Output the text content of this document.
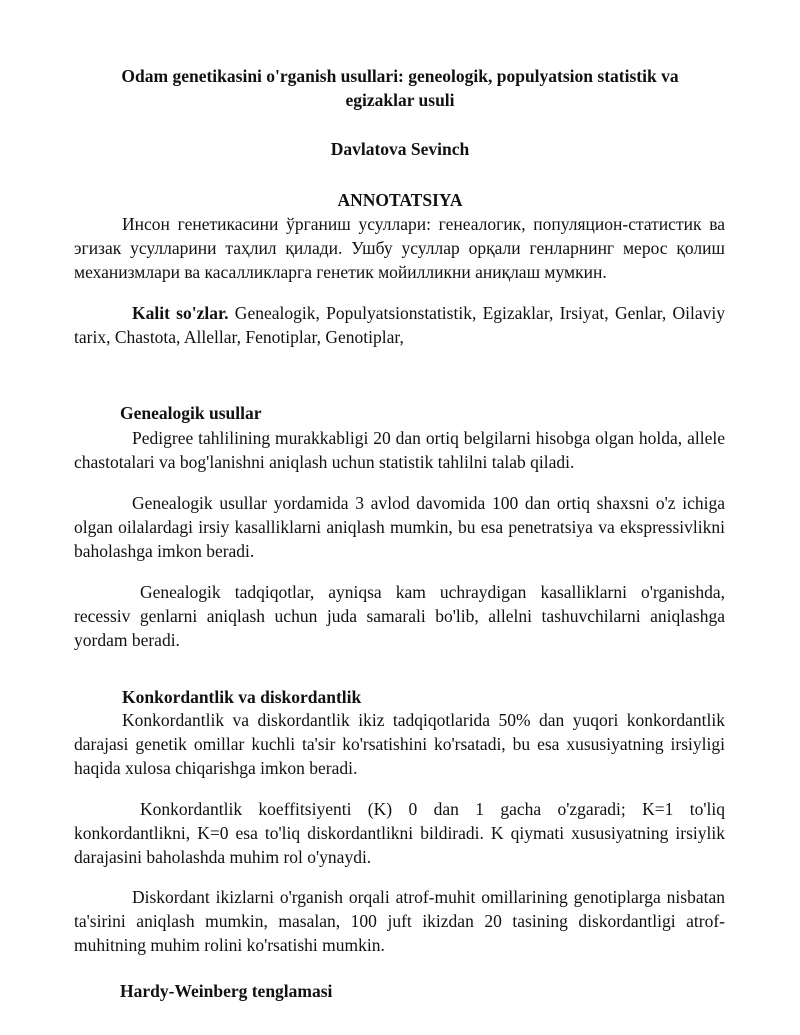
Odam genetikasini o'rganish usullari: geneologik, populyatsion statistik va egizaklar usuli
Davlatova Sevinch
ANNOTATSIYA

Инсон генетикасини ўрганиш усуллари: генеалогик, популяцион-статистик ва эгизак усулларини таҳлил қилади. Ушбу усуллар орқали генларнинг мерос қолиш механизмлари ва касалликларга генетик мойилликни аниқлаш мумкин.

Kalit so'zlar. Genealogik, Populyatsionstatistik, Egizaklar, Irsiyat, Genlar, Oilaviy tarix, Chastota, Allellar, Fenotiplar, Genotiplar,

Genealogik usullar

Pedigree tahlilining murakkabligi 20 dan ortiq belgilarni hisobga olgan holda, allele chastotalari va bog'lanishni aniqlash uchun statistik tahlilni talab qiladi.

Genealogik usullar yordamida 3 avlod davomida 100 dan ortiq shaxsni o'z ichiga olgan oilalardagi irsiy kasalliklarni aniqlash mumkin, bu esa penetratsiya va ekspressivlikni baholashga imkon beradi.

Genealogik tadqiqotlar, ayniqsa kam uchraydigan kasalliklarni o'rganishda, recessiv genlarni aniqlash uchun juda samarali bo'lib, allelni tashuvchilarni aniqlashga yordam beradi.

Konkordantlik va diskordantlik

Konkordantlik va diskordantlik ikiz tadqiqotlarida 50% dan yuqori konkordantlik darajasi genetik omillar kuchli ta'sir ko'rsatishini ko'rsatadi, bu esa xususiyatning irsiyligi haqida xulosa chiqarishga imkon beradi.

Konkordantlik koeffitsiyenti (K) 0 dan 1 gacha o'zgaradi; K=1 to'liq konkordantlikni, K=0 esa to'liq diskordantlikni bildiradi. K qiymati xususiyatning irsiylik darajasini baholashda muhim rol o'ynaydi.

Diskordant ikizlarni o'rganish orqali atrof-muhit omillarining genotiplarga nisbatan ta'sirini aniqlash mumkin, masalan, 100 juft ikizdan 20 tasining diskordantligi atrof-muhitning muhim rolini ko'rsatishi mumkin.

Hardy-Weinberg tenglamasi
